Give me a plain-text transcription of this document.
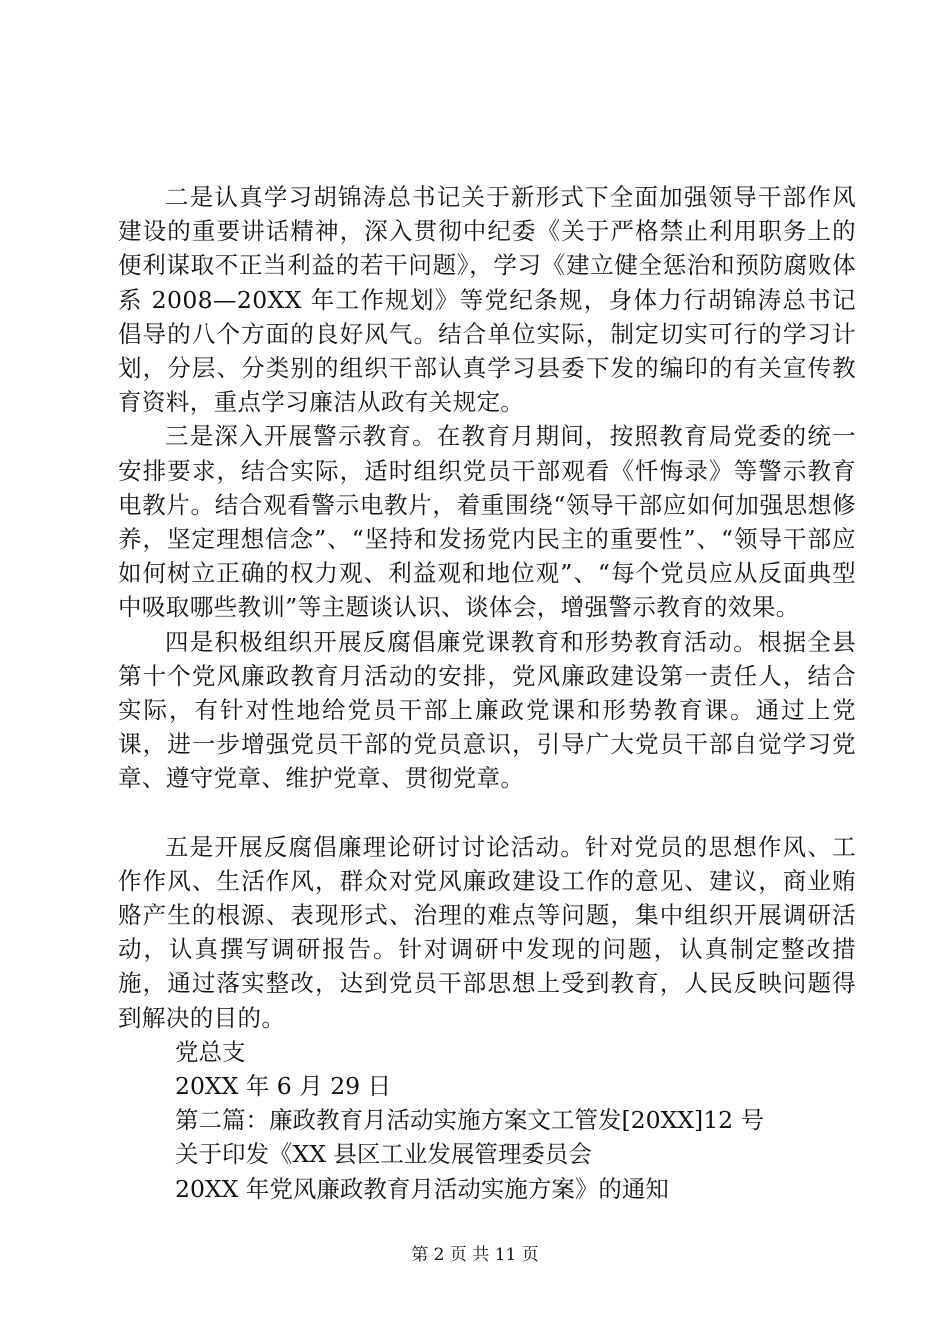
二是认真学习胡锦涛总书记关于新形式下全面加强领导干部作风建设的重要讲话精神，深入贯彻中纪委《关于严格禁止利用职务上的便利谋取不正当利益的若干问题》，学习《建立健全惩治和预防腐败体系 2008—20XX 年工作规划》等党纪条规，身体力行胡锦涛总书记倡导的八个方面的良好风气。结合单位实际，制定切实可行的学习计划，分层、分类别的组织干部认真学习县委下发的编印的有关宣传教育资料，重点学习廉洁从政有关规定。

三是深入开展警示教育。在教育月期间，按照教育局党委的统一安排要求，结合实际，适时组织党员干部观看《忏悔录》等警示教育电教片。结合观看警示电教片，着重围绕“领导干部应如何加强思想修养，坚定理想信念”、“坚持和发扬党内民主的重要性”、“领导干部应如何树立正确的权力观、利益观和地位观”、“每个党员应从反面典型中吸取哪些教训”等主题谈认识、谈体会，增强警示教育的效果。

四是积极组织开展反腐倡廉党课教育和形势教育活动。根据全县第十个党风廉政教育月活动的安排，党风廉政建设第一责任人，结合实际，有针对性地给党员干部上廉政党课和形势教育课。通过上党课，进一步增强党员干部的党员意识，引导广大党员干部自觉学习党章、遵守党章、维护党章、贯彻党章。

五是开展反腐倡廉理论研讨讨论活动。针对党员的思想作风、工作作风、生活作风，群众对党风廉政建设工作的意见、建议，商业贿赂产生的根源、表现形式、治理的难点等问题，集中组织开展调研活动，认真撰写调研报告。针对调研中发现的问题，认真制定整改措施，通过落实整改，达到党员干部思想上受到教育，人民反映问题得到解决的目的。

党总支

20XX 年 6 月 29 日

第二篇：廉政教育月活动实施方案文工管发[20XX]12 号

关于印发《XX 县区工业发展管理委员会

20XX 年党风廉政教育月活动实施方案》的通知

第 2 页 共 11 页
